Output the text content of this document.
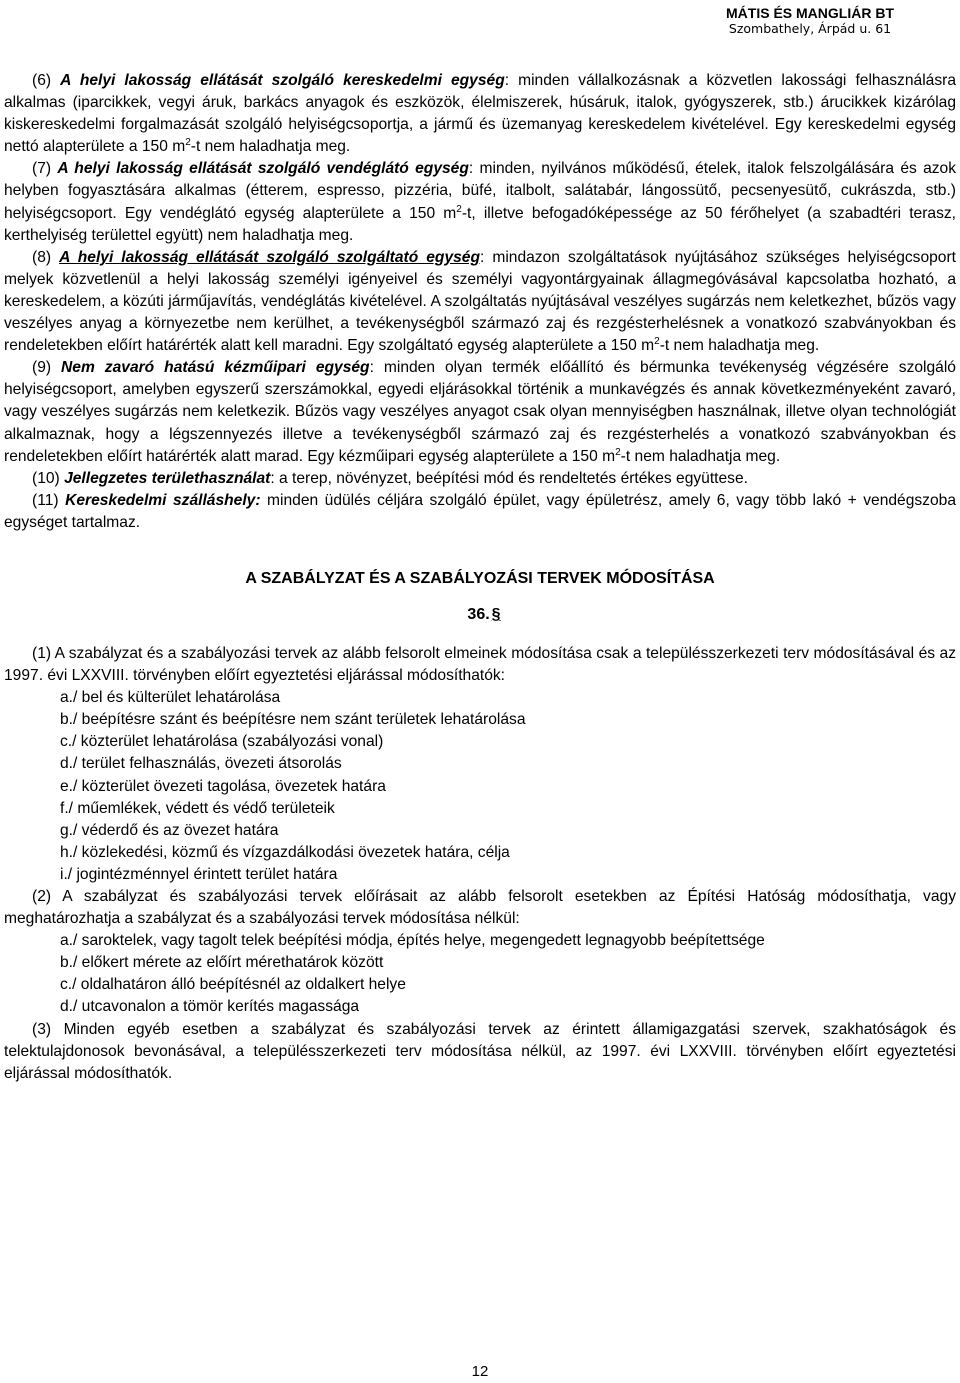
MÁTIS ÉS MANGLIÁR BT
Szombathely, Árpád u. 61

(6) A helyi lakosság ellátását szolgáló kereskedelmi egység: minden vállalkozásnak a közvetlen lakossági felhasználásra alkalmas (iparcikkek, vegyi áruk, barkács anyagok és eszközök, élelmiszerek, húsáruk, italok, gyógyszerek, stb.) árucikkek kizárólag kiskereskedelmi forgalmazását szolgáló helyiségcsoportja, a jármű és üzemanyag kereskedelem kivételével. Egy kereskedelmi egység nettó alapterülete a 150 $m^2-t$ nem haladhatja meg.

(7) A helyi lakosság ellátását szolgáló vendéglátó egység: minden, nyilvános működésű, ételek, italok felszolgálására és azok helyben fogyasztására alkalmas (étterem, espresso, pizzéria, büfé, italbolt, salátabár, lángossütő, pecsenyesütő, cukrászda, stb.) helyiségcsoport. Egy vendéglátó egység alapterülete a 150 $m^2-t$, illetve befogadóképessége az 50 férőhelyet (a szabadtéri terasz, kerthelyiség területtel együtt) nem haladhatja meg.

(8) A helyi lakosság ellátását szolgáló szolgáltató egység: mindazon szolgáltatások nyújtásához szükséges helyiségcsoport melyek közvetlenül a helyi lakosság személyi igényeivel és személyi vagyontárgyainak állagmegóvásával kapcsolatba hozható, a kereskedelem, a közúti járműjavítás, vendéglátás kivételével. A szolgáltatás nyújtásával veszélyes sugárzás nem keletkezhet, bűzös vagy veszélyes anyag a környezetbe nem kerülhet, a tevékenységből származó zaj és rezgésterhelésnek a vonatkozó szabványokban és rendeletekben előírt határérték alatt kell maradni. Egy szolgáltató egység alapterülete a 150 $m^2-t$ nem haladhatja meg.

(9) Nem zavaró hatású kézműipari egység: minden olyan termék előállító és bérmunka tevékenység végzésére szolgáló helyiségcsoport, amelyben egyszerű szerszámokkal, egyedi eljárásokkal történik a munkavégzés és annak következményeként zavaró, vagy veszélyes sugárzás nem keletkezik. Bűzös vagy veszélyes anyagot csak olyan mennyiségben használnak, illetve olyan technológiát alkalmaznak, hogy a légszennyezés illetve a tevékenységből származó zaj és rezgésterhelés a vonatkozó szabványokban és rendeletekben előírt határérték alatt marad. Egy kézműipari egység alapterülete a 150 $m^2-t$ nem haladhatja meg.

(10) Jellegzetes területhasználat: a terep, növényzet, beépítési mód és rendeltetés értékes együttese.

(11) Kereskedelmi szálláshely: minden üdülés céljára szolgáló épület, vagy épületrész, amely 6, vagy több lakó + vendégszoba egységet tartalmaz.

A SZABÁLYZAT ÉS A SZABÁLYOZÁSI TERVEK MÓDOSÍTÁSA
36. §

(1) A szabályzat és a szabályozási tervek az alább felsorolt elmeinek módosítása csak a településszerkezeti terv módosításával és az 1997. évi LXXVIII. törvényben előírt egyeztetési eljárással módosíthatók:

a./ bel és külterület lehatárolása
b./ beépítésre szánt és beépítésre nem szánt területek lehatárolása
c./ közterület lehatárolása (szabályozási vonal)
d./ terület felhasználás, övezeti átsorolás
e./ közterület övezeti tagolása, övezetek határa
f./ műemlékek, védett és védő területeik
g./ véderdő és az övezet határa
h./ közlekedési, közmű és vízgazdálkodási övezetek határa, célja
i./ jogintézménnyel érintett terület határa

(2) A szabályzat és szabályozási tervek előírásait az alább felsorolt esetekben az Építési Hatóság módosíthatja, vagy meghatározhatja a szabályzat és a szabályozási tervek módosítása nélkül:

a./ saroktelek, vagy tagolt telek beépítési módja, építés helye, megengedett legnagyobb beépítettsége
b./ előkert mérete az előírt mérethatárok között
c./ oldalhatáron álló beépítésnél az oldalkert helye
d./ utcavonalon a tömör kerítés magassága

(3) Minden egyéb esetben a szabályzat és szabályozási tervek az érintett államigazgatási szervek, szakhatóságok és telektulajdonosok bevonásával, a településszerkezeti terv módosítása nélkül, az 1997. évi LXXVIII. törvényben előírt egyeztetési eljárással módosíthatók.

12
